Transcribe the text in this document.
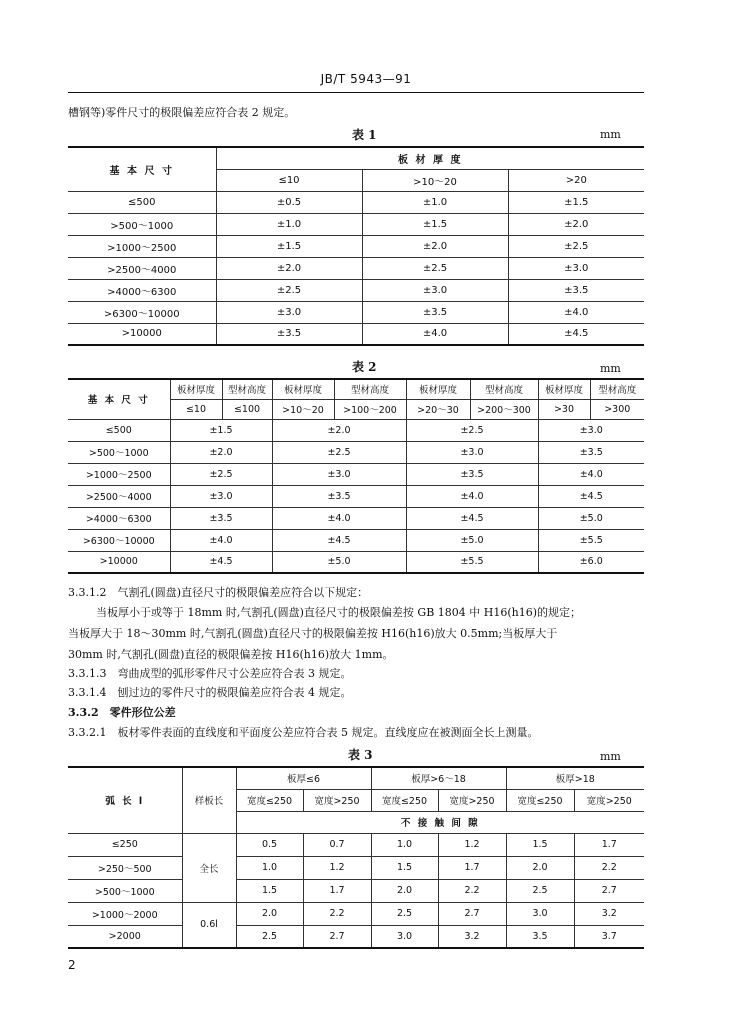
JB/T 5943—91
槽钢等)零件尺寸的极限偏差应符合表 2 规定。
表 1	mm
基 本 尺 寸	板 材 厚 度		
	≤10	>10～20	>20
≤500	±0.5	±1.0	±1.5
>500～1000	±1.0	±1.5	±2.0
>1000～2500	±1.5	±2.0	±2.5
>2500～4000	±2.0	±2.5	±3.0
>4000～6300	±2.5	±3.0	±3.5
>6300～10000	±3.0	±3.5	±4.0
>10000	±3.5	±4.0	±4.5
表 2	mm
基 本 尺 寸	板材厚度	型材高度	板材厚度	型材高度	板材厚度	型材高度	板材厚度	型材高度
	≤10	≤100	>10～20	>100～200	>20～30	>200～300	>30	>300
≤500	±1.5		±2.0		±2.5		±3.0	
>500～1000	±2.0		±2.5		±3.0		±3.5	
>1000～2500	±2.5		±3.0		±3.5		±4.0	
>2500～4000	±3.0		±3.5		±4.0		±4.5	
>4000～6300	±3.5		±4.0		±4.5		±5.0	
>6300～10000	±4.0		±4.5		±5.0		±5.5	
>10000	±4.5		±5.0		±5.5		±6.0	
3.3.1.2　气割孔(圆盘)直径尺寸的极限偏差应符合以下规定：
当板厚小于或等于 18mm 时,气割孔(圆盘)直径尺寸的极限偏差按 GB 1804 中 H16(h16)的规定；
当板厚大于 18～30mm 时,气割孔(圆盘)直径尺寸的极限偏差按 H16(h16)放大 0.5mm;当板厚大于
30mm 时,气割孔(圆盘)直径的极限偏差按 H16(h16)放大 1mm。
3.3.1.3　弯曲成型的弧形零件尺寸公差应符合表 3 规定。
3.3.1.4　刨过边的零件尺寸的极限偏差应符合表 4 规定。
3.3.2　零件形位公差
3.3.2.1　板材零件表面的直线度和平面度公差应符合表 5 规定。直线度应在被测面全长上测量。
表 3	mm
弧 长 l	样板长	板厚≤6		板厚>6～18		板厚>18	
		宽度≤250	宽度>250	宽度≤250	宽度>250	宽度≤250	宽度>250
		不 接 触 间 隙					
≤250	全长	0.5	0.7	1.0	1.2	1.5	1.7
>250～500		1.0	1.2	1.5	1.7	2.0	2.2
>500～1000		1.5	1.7	2.0	2.2	2.5	2.7
>1000～2000	0.6l	2.0	2.2	2.5	2.7	3.0	3.2
>2000		2.5	2.7	3.0	3.2	3.5	3.7
2
